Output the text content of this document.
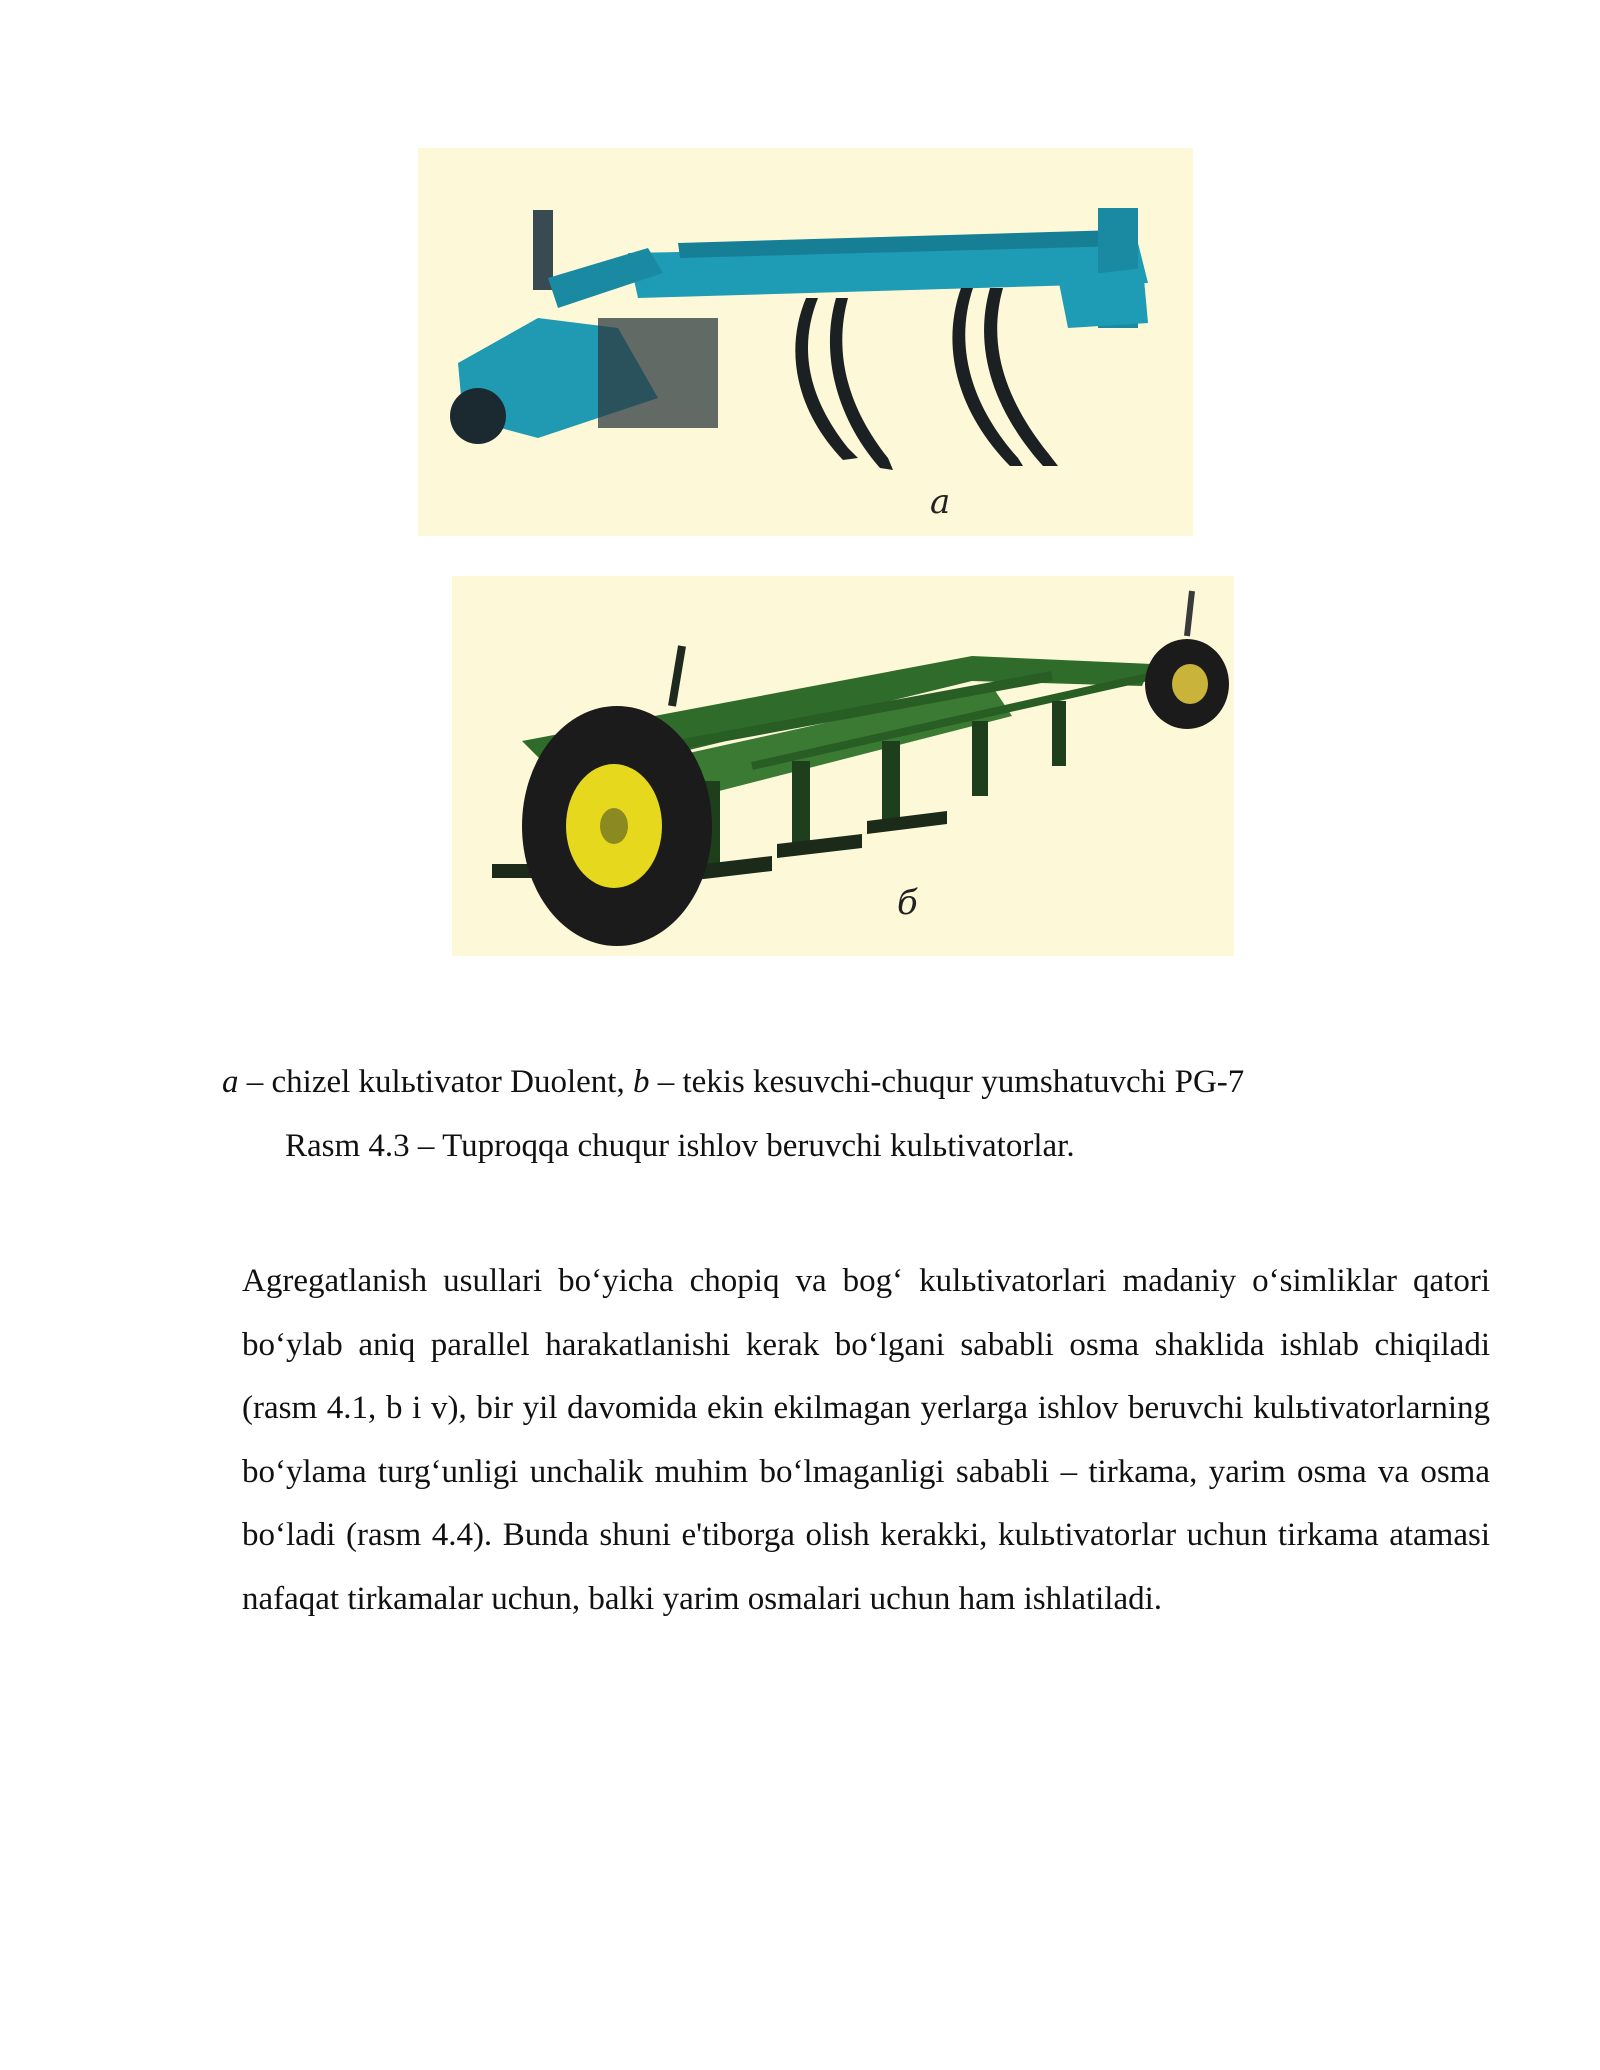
a
б
a – chizel kulьtivator Duolent, b – tekis kesuvchi-chuqur yumshatuvchi PG-7
Rasm 4.3 – Tuproqqa chuqur ishlov beruvchi kulьtivatorlar.

Agregatlanish usullari bo‘yicha chopiq va bog‘ kulьtivatorlari madaniy o‘simliklar qatori bo‘ylab aniq parallel harakatlanishi kerak bo‘lgani sababli osma shaklida ishlab chiqiladi (rasm 4.1, b i v), bir yil davomida ekin ekilmagan yerlarga ishlov beruvchi kulьtivatorlarning bo‘ylama turg‘unligi unchalik muhim bo‘lmaganligi sababli – tirkama, yarim osma va osma bo‘ladi (rasm 4.4). Bunda shuni e'tiborga olish kerakki, kulьtivatorlar uchun tirkama atamasi nafaqat tirkamalar uchun, balki yarim osmalari uchun ham ishlatiladi.
